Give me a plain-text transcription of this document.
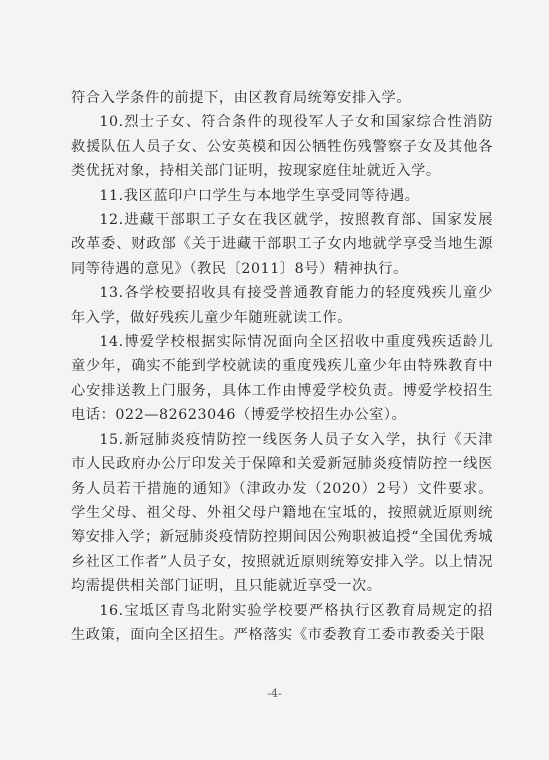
符合入学条件的前提下，由区教育局统筹安排入学。

10.烈士子女、符合条件的现役军人子女和国家综合性消防救援队伍人员子女、公安英模和因公牺牲伤残警察子女及其他各类优抚对象，持相关部门证明，按现家庭住址就近入学。

11.我区蓝印户口学生与本地学生享受同等待遇。

12.进藏干部职工子女在我区就学，按照教育部、国家发展改革委、财政部《关于进藏干部职工子女内地就学享受当地生源同等待遇的意见》（教民〔2011〕8号）精神执行。

13.各学校要招收具有接受普通教育能力的轻度残疾儿童少年入学，做好残疾儿童少年随班就读工作。

14.博爱学校根据实际情况面向全区招收中重度残疾适龄儿童少年，确实不能到学校就读的重度残疾儿童少年由特殊教育中心安排送教上门服务，具体工作由博爱学校负责。博爱学校招生电话：022—82623046（博爱学校招生办公室）。

15.新冠肺炎疫情防控一线医务人员子女入学，执行《天津市人民政府办公厅印发关于保障和关爱新冠肺炎疫情防控一线医务人员若干措施的通知》（津政办发（2020）2号）文件要求。学生父母、祖父母、外祖父母户籍地在宝坻的，按照就近原则统筹安排入学；新冠肺炎疫情防控期间因公殉职被追授“全国优秀城乡社区工作者”人员子女，按照就近原则统筹安排入学。以上情况均需提供相关部门证明，且只能就近享受一次。

16.宝坻区青鸟北附实验学校要严格执行区教育局规定的招生政策，面向全区招生。严格落实《市委教育工委市教委关于限

-4-
